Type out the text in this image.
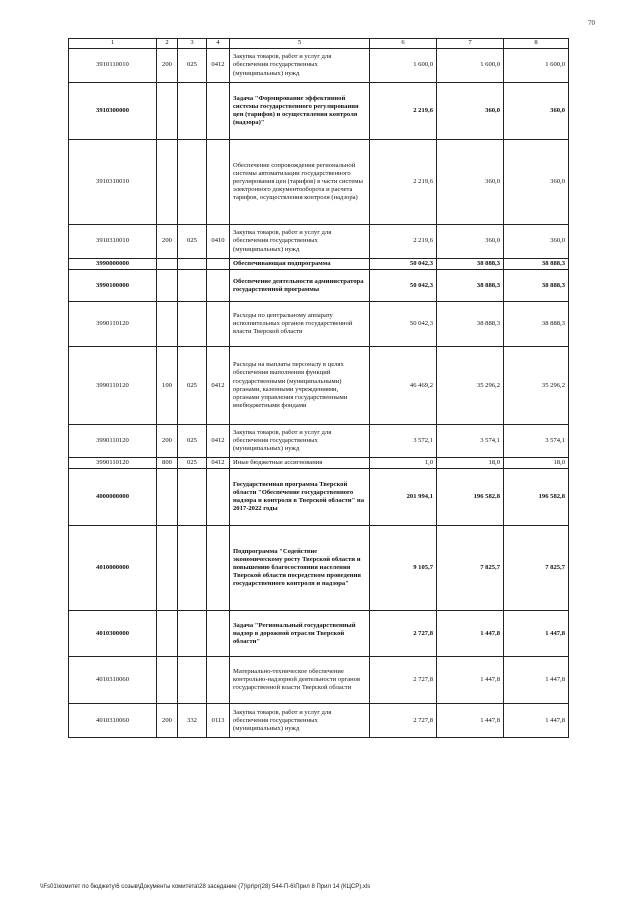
70
1	2	3	4	5	6	7	8
3910110010	200	025	0412	Закупка товаров, работ и услуг для обеспечения государственных (муниципальных) нужд	1 600,0	1 600,0	1 600,0
3910300000				Задача "Формирование эффективной системы государственного регулирования цен (тарифов) и осуществления контроля (надзора)"	2 219,6	360,0	360,0
3910310010				Обеспечение сопровождения региональной системы автоматизации государственного регулирования цен (тарифов) в части системы электронного документооборота и расчета тарифов, осуществления контроля (надзора)	2 219,6	360,0	360,0
3910310010	200	025	0410	Закупка товаров, работ и услуг для обеспечения государственных (муниципальных) нужд	2 219,6	360,0	360,0
3990000000				Обеспечивающая подпрограмма	50 042,3	38 888,3	38 888,3
3990100000				Обеспечение деятельности администратора государственной программы	50 042,3	38 888,3	38 888,3
3990110120				Расходы по центральному аппарату исполнительных органов государственной власти Тверской области	50 042,3	38 888,3	38 888,3
3990110120	100	025	0412	Расходы на выплаты персоналу в целях обеспечения выполнения функций государственными (муниципальными) органами, казенными учреждениями, органами управления государственными внебюджетными фондами	46 469,2	35 296,2	35 296,2
3990110120	200	025	0412	Закупка товаров, работ и услуг для обеспечения государственных (муниципальных) нужд	3 572,1	3 574,1	3 574,1
3990110120	800	025	0412	Иные бюджетные ассигнования	1,0	18,0	18,0
4000000000				Государственная программа Тверской области "Обеспечение государственного надзора и контроля в Тверской области" на 2017-2022 годы	201 994,1	196 582,8	196 582,8
4010000000				Подпрограмма "Содействие экономическому росту Тверской области и повышению благосостояния населения Тверской области посредством проведения государственного контроля и надзора"	9 105,7	7 825,7	7 825,7
4010300000				Задача "Региональный государственный надзор в дорожной отрасли Тверской области"	2 727,8	1 447,8	1 447,8
4010310060				Материально-техническое обеспечение контрольно-надзорной деятельности органов государственной власти Тверской области	2 727,8	1 447,8	1 447,8
4010310060	200	332	0113	Закупка товаров, работ и услуг для обеспечения государственных (муниципальных) нужд	2 727,8	1 447,8	1 447,8
\\Fs01\комитет по бюджету\6 созыв\Документы комитета\28 заседание (7)\pr\pr(28) 544-П-6\Прил 8 Прил 14 (КЦСР).xls
